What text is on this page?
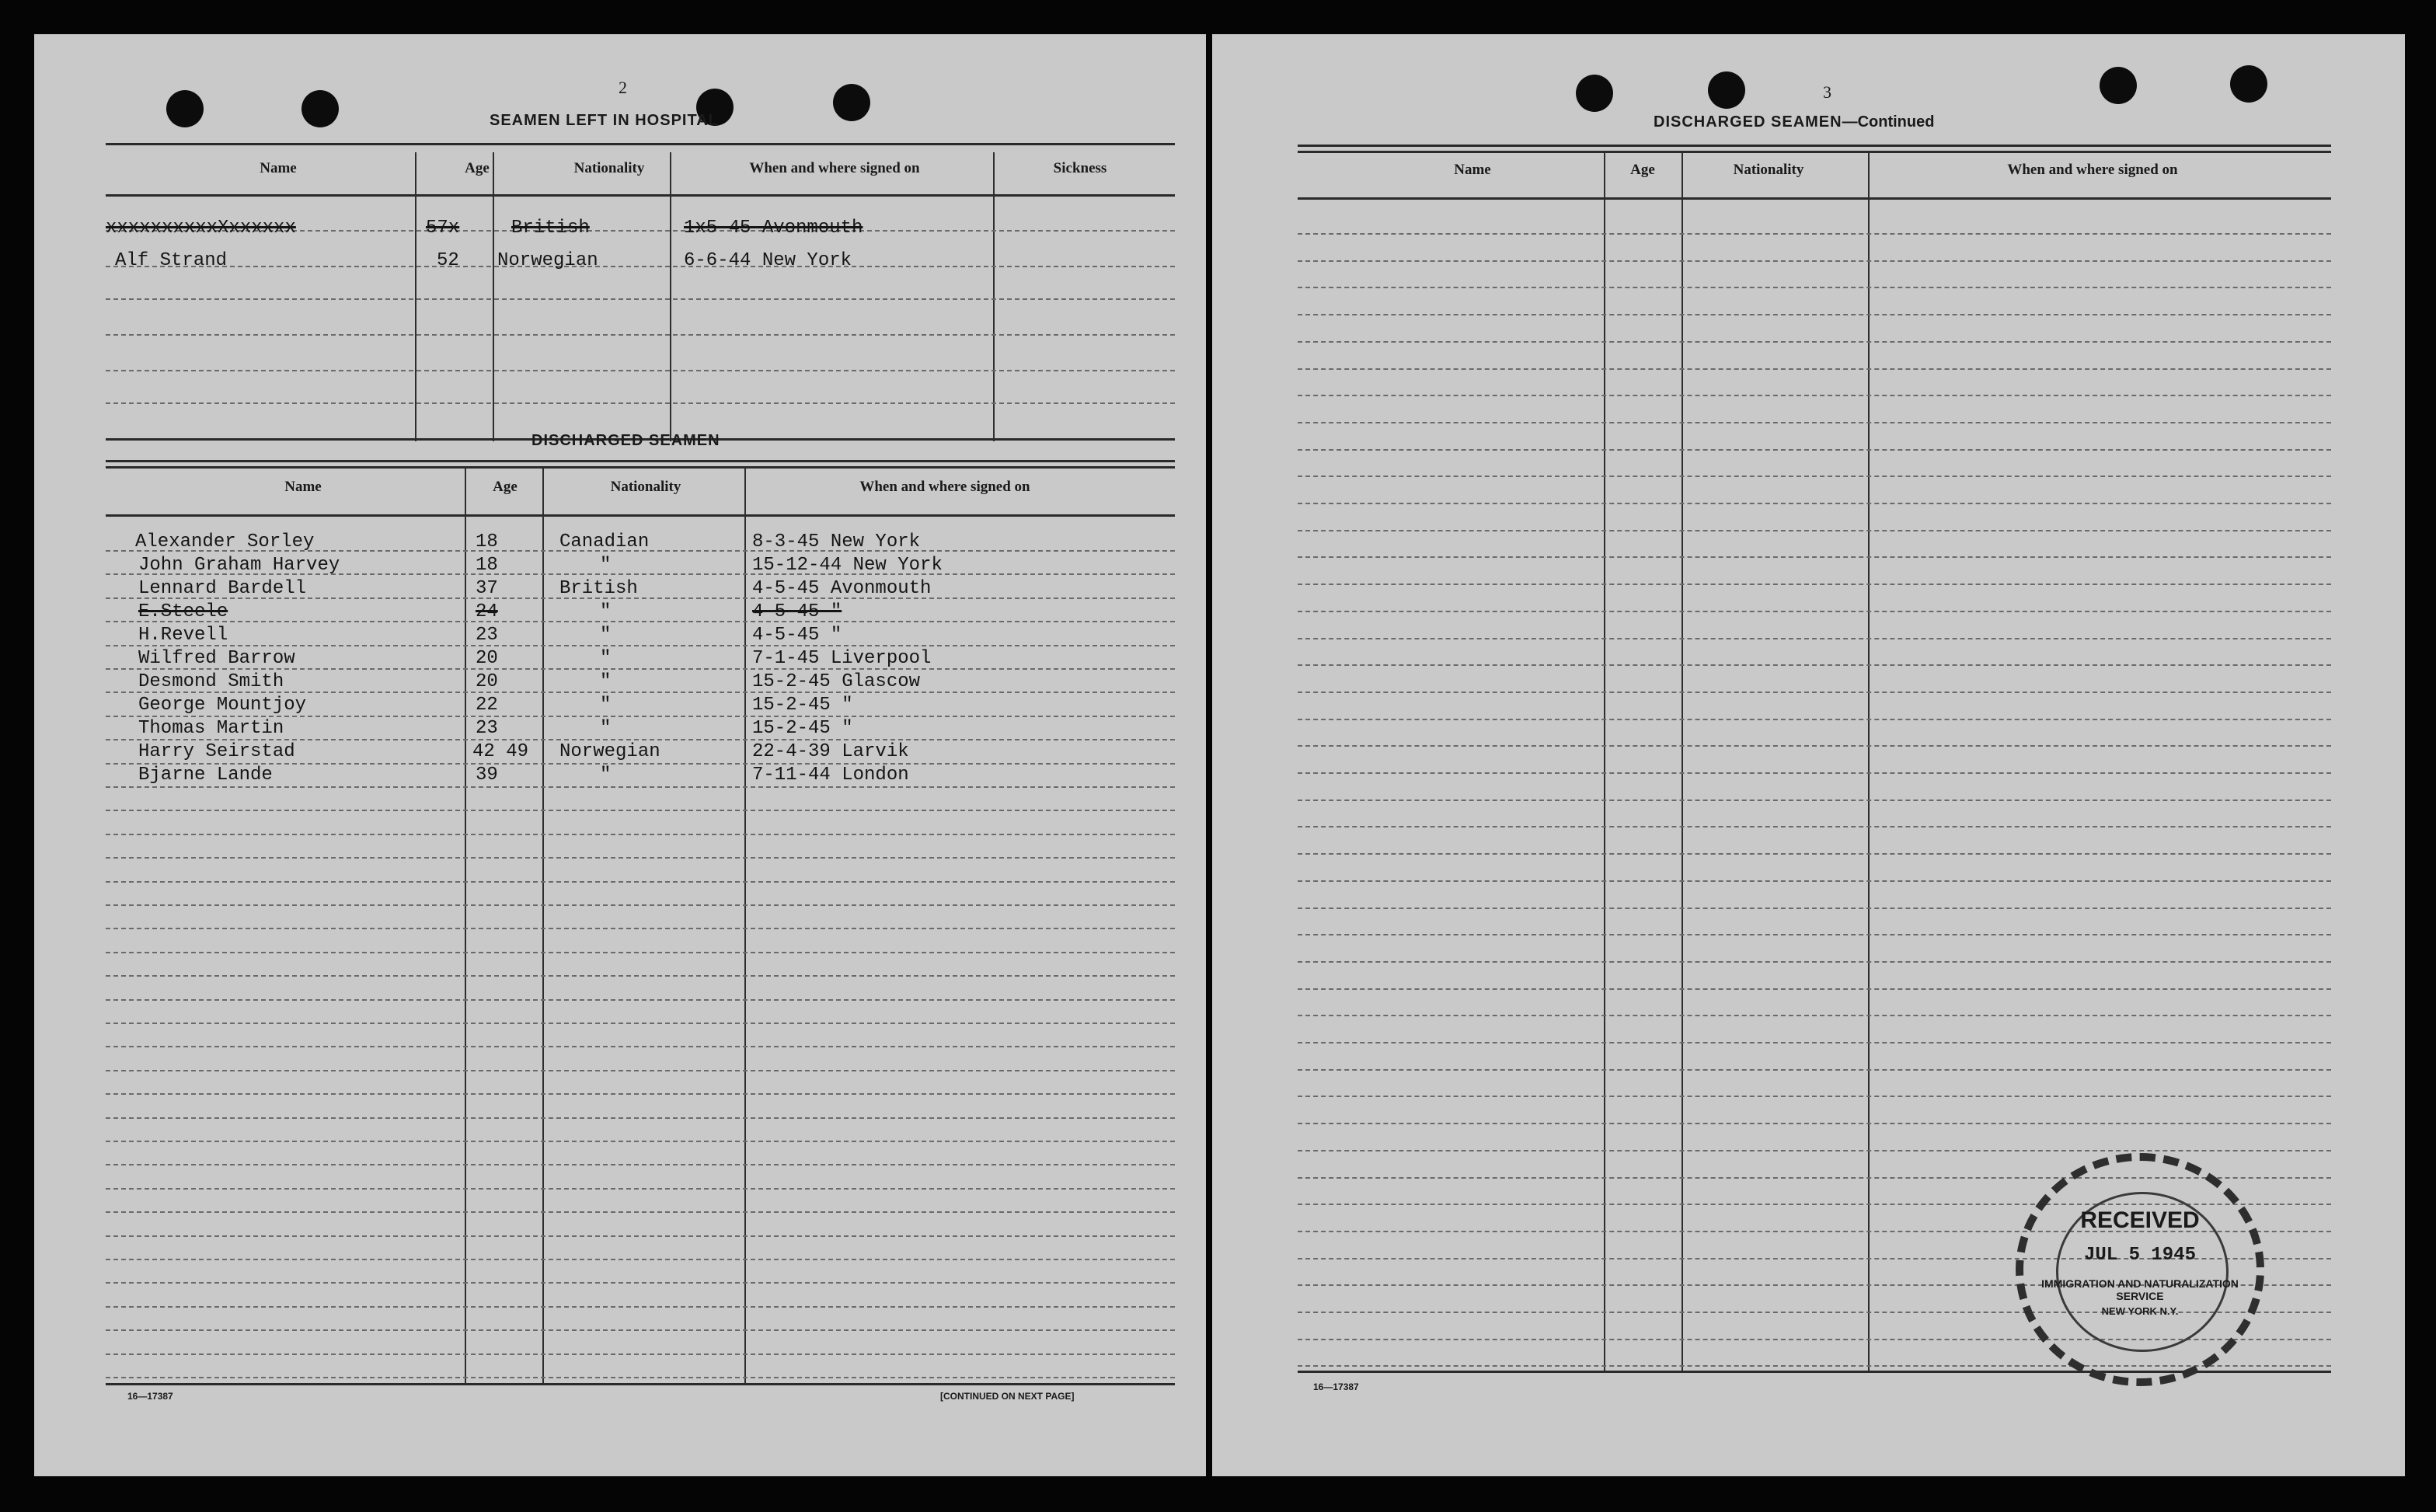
2
SEAMEN LEFT IN HOSPITAL
Name	Age	Nationality	When and where signed on	Sickness
xxxxxxxxxxXxxxxxx	57x	British	1x5-45 Avonmouth
Alf Strand	52 Norwegian	6-6-44 New York
DISCHARGED SEAMEN
Name	Age	Nationality	When and where signed on
Alexander Sorley	18	Canadian	8-3-45 New York
John Graham Harvey	18	"	15-12-44 New York
Lennard Bardell	37	British	4-5-45 Avonmouth
E.Steele	24	"	4-5-45 "
H.Revell	23	"	4-5-45 "
Wilfred Barrow	20	"	7-1-45 Liverpool
Desmond Smith	20	"	15-2-45 Glascow
George Mountjoy	22	"	15-2-45 "
Thomas Martin	23	"	15-2-45 "
Harry Seirstad	42 49 Norwegian	22-4-39 Larvik
Bjarne Lande	39	"	7-11-44 London
16—17387	[CONTINUED ON NEXT PAGE]
3
DISCHARGED SEAMEN—Continued
Name	Age	Nationality	When and where signed on
16—17387
RECEIVED
JUL 5 1945
IMMIGRATION AND NATURALIZATION SERVICE
NEW YORK N.Y.
